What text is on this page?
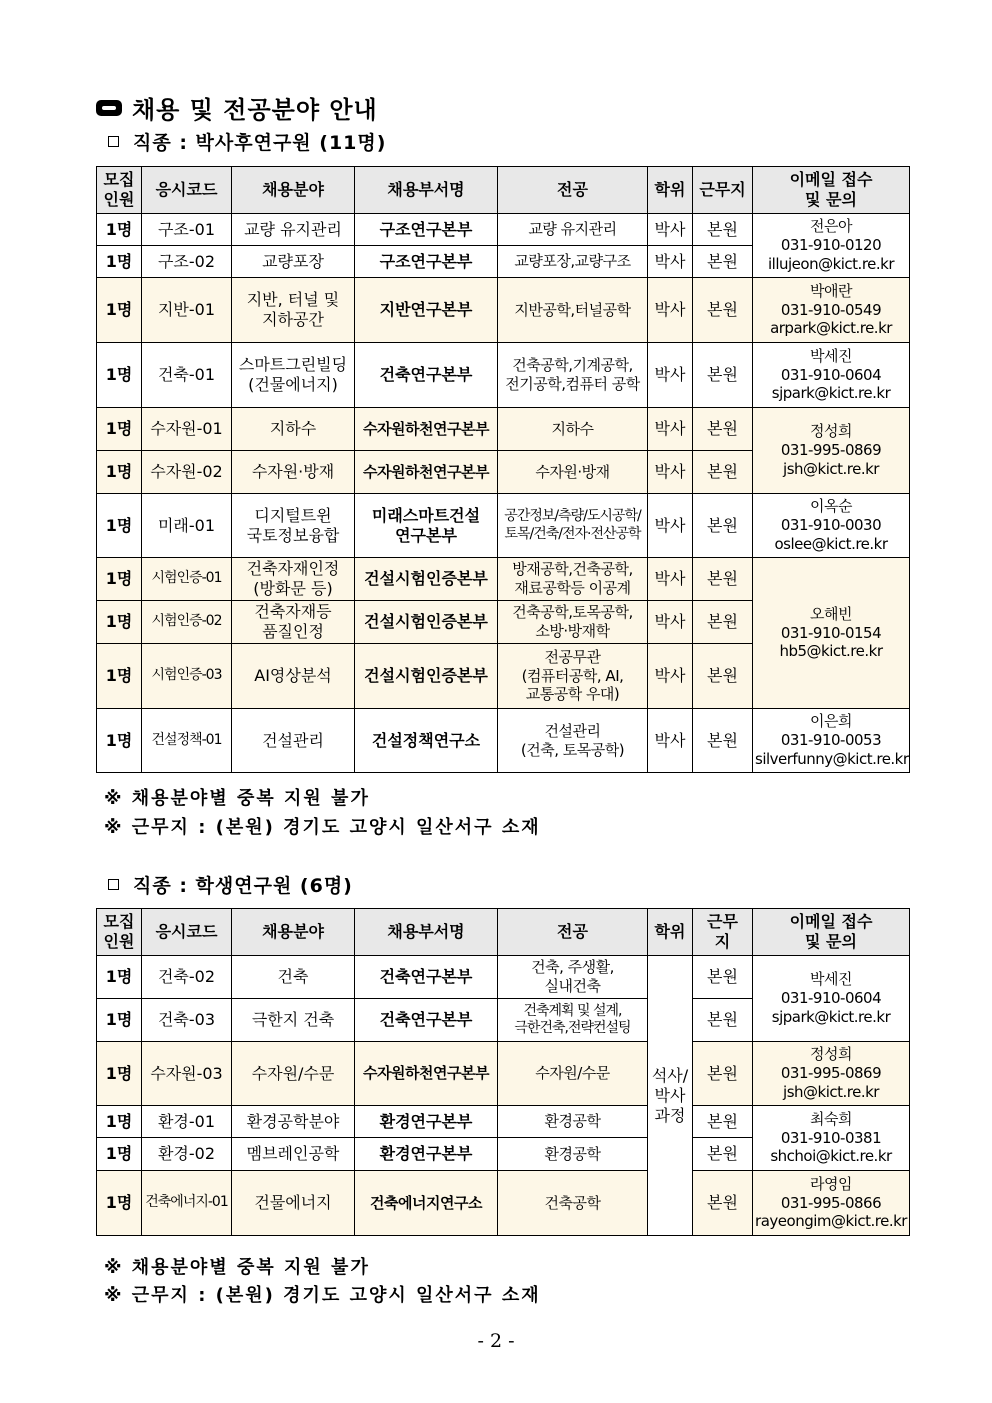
채용 및 전공분야 안내
직종 : 박사후연구원 (11명)
모집
인원	응시코드	채용분야	채용부서명	전공	학위	근무지	이메일 접수
및 문의
1명	구조-01	교량 유지관리	구조연구본부	교량 유지관리	박사	본원	전은아
031-910-0120
illujeon@kict.re.kr
1명	구조-02	교량포장	구조연구본부	교량포장,교량구조	박사	본원	
1명	지반-01	지반, 터널 및
지하공간	지반연구본부	지반공학,터널공학	박사	본원	박애란
031-910-0549
arpark@kict.re.kr
1명	건축-01	스마트그린빌딩
(건물에너지)	건축연구본부	건축공학,기계공학,
전기공학,컴퓨터 공학	박사	본원	박세진
031-910-0604
sjpark@kict.re.kr
1명	수자원-01	지하수	수자원하천연구본부	지하수	박사	본원	정성희
031-995-0869
jsh@kict.re.kr
1명	수자원-02	수자원·방재	수자원하천연구본부	수자원·방재	박사	본원	
1명	미래-01	디지털트윈
국토정보융합	미래스마트건설
연구본부	공간정보/측량/도시공학/
토목/건축/전자·전산공학	박사	본원	이옥순
031-910-0030
oslee@kict.re.kr
1명	시험인증-01	건축자재인정
(방화문 등)	건설시험인증본부	방재공학,건축공학,
재료공학등 이공계	박사	본원	오해빈
031-910-0154
hb5@kict.re.kr
1명	시험인증-02	건축자재등
품질인정	건설시험인증본부	건축공학,토목공학,
소방·방재학	박사	본원	
1명	시험인증-03	AI영상분석	건설시험인증본부	전공무관
(컴퓨터공학, AI,
교통공학 우대)	박사	본원	
1명	건설정책-01	건설관리	건설정책연구소	건설관리
(건축, 토목공학)	박사	본원	이은희
031-910-0053
silverfunny@kict.re.kr
※ 채용분야별 중복 지원 불가
※ 근무지 : (본원) 경기도 고양시 일산서구 소재
직종 : 학생연구원 (6명)
모집
인원	응시코드	채용분야	채용부서명	전공	학위	근무
지	이메일 접수
및 문의
1명	건축-02	건축	건축연구본부	건축, 주생활,
실내건축	석사/
박사
과정	본원	박세진
031-910-0604
sjpark@kict.re.kr
1명	건축-03	극한지 건축	건축연구본부	건축계획 및 설계,
극한건축,전략컨설팅		본원	
1명	수자원-03	수자원/수문	수자원하천연구본부	수자원/수문		본원	정성희
031-995-0869
jsh@kict.re.kr
1명	환경-01	환경공학분야	환경연구본부	환경공학		본원	최숙희
031-910-0381
shchoi@kict.re.kr
1명	환경-02	멤브레인공학	환경연구본부	환경공학		본원	
1명	건축에너지-01	건물에너지	건축에너지연구소	건축공학		본원	라영임
031-995-0866
rayeongim@kict.re.kr
※ 채용분야별 중복 지원 불가
※ 근무지 : (본원) 경기도 고양시 일산서구 소재
- 2 -
